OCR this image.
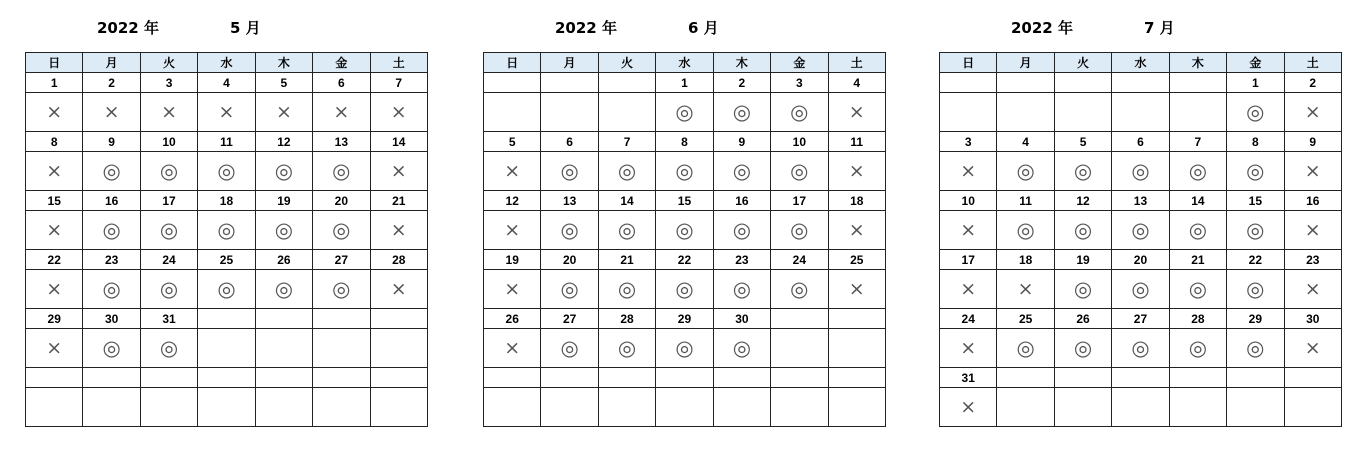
2022 年	5 月
日	月	火	水	木	金	土
1	2	3	4	5	6	7
×	×	×	×	×	×	×
8	9	10	11	12	13	14
×	◎	◎	◎	◎	◎	×
15	16	17	18	19	20	21
×	◎	◎	◎	◎	◎	×
22	23	24	25	26	27	28
×	◎	◎	◎	◎	◎	×
29	30	31				
×	◎	◎				

2022 年	6 月
日	月	火	水	木	金	土
			1	2	3	4
			◎	◎	◎	×
5	6	7	8	9	10	11
×	◎	◎	◎	◎	◎	×
12	13	14	15	16	17	18
×	◎	◎	◎	◎	◎	×
19	20	21	22	23	24	25
×	◎	◎	◎	◎	◎	×
26	27	28	29	30		
×	◎	◎	◎	◎		

2022 年	7 月
日	月	火	水	木	金	土
					1	2
					◎	×
3	4	5	6	7	8	9
×	◎	◎	◎	◎	◎	×
10	11	12	13	14	15	16
×	◎	◎	◎	◎	◎	×
17	18	19	20	21	22	23
×	×	◎	◎	◎	◎	×
24	25	26	27	28	29	30
×	◎	◎	◎	◎	◎	×
31						
×						
